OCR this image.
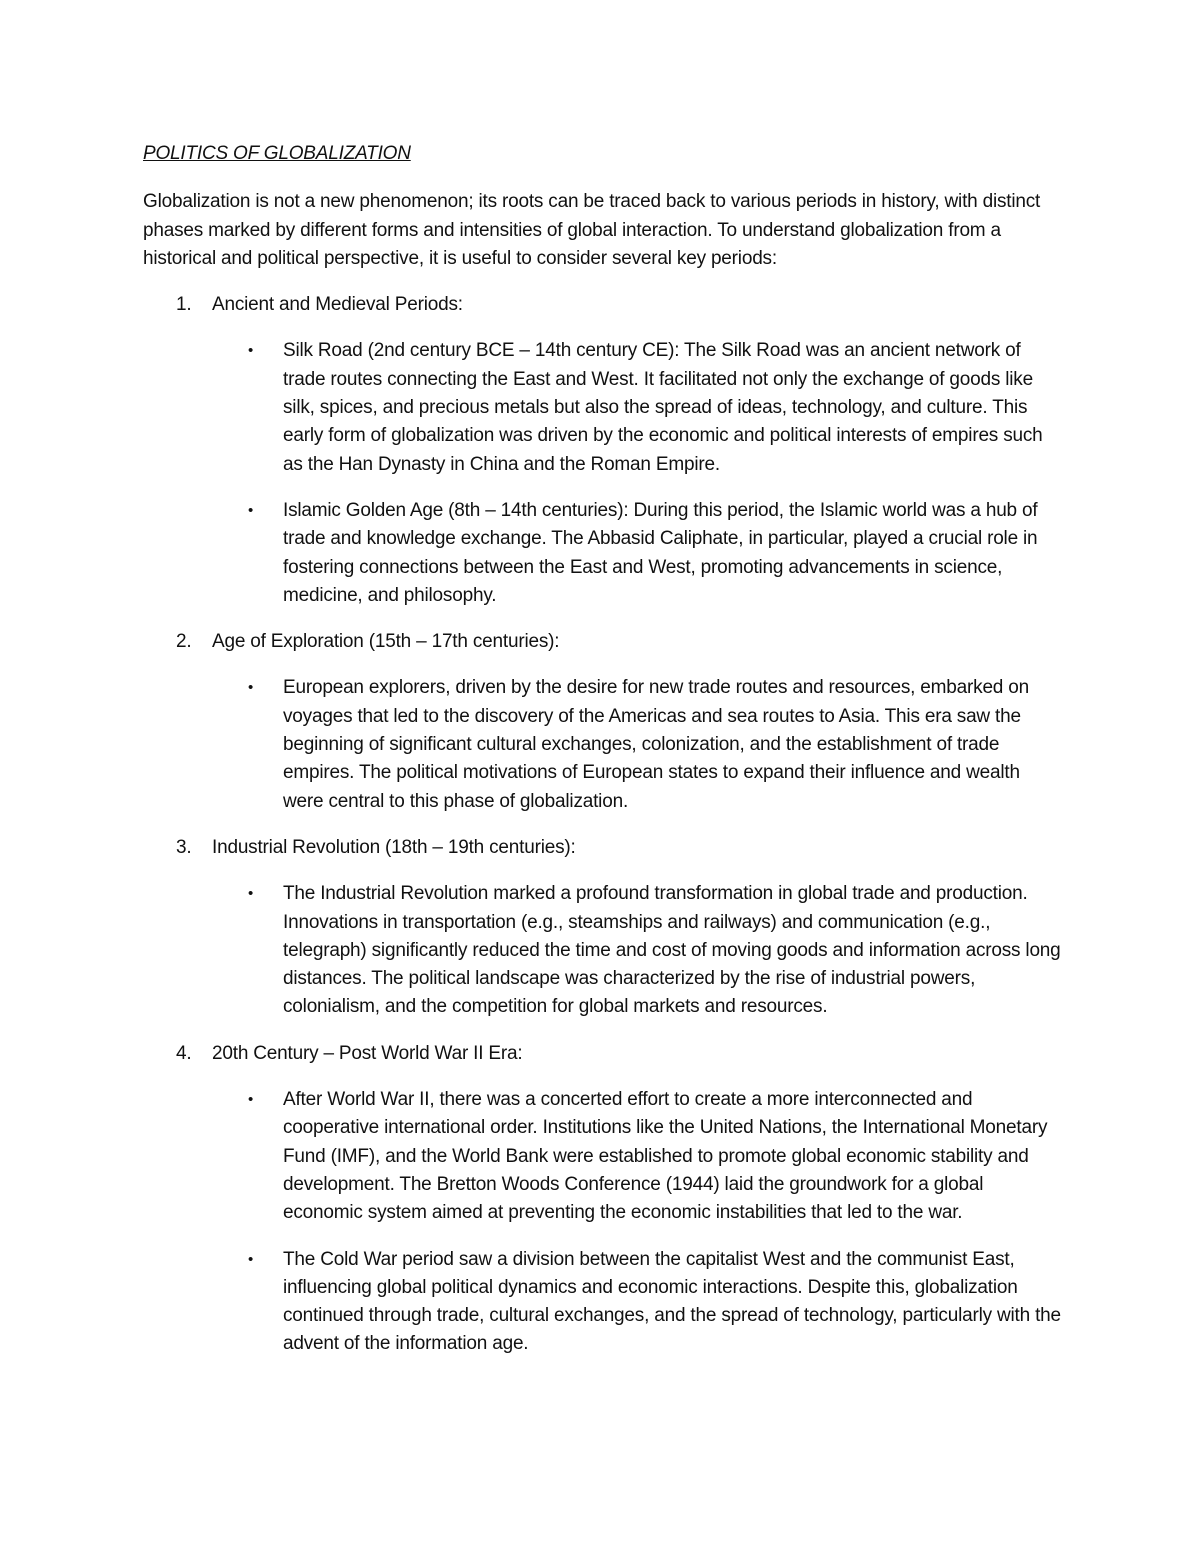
POLITICS OF GLOBALIZATION

Globalization is not a new phenomenon; its roots can be traced back to various periods in history, with distinct phases marked by different forms and intensities of global interaction. To understand globalization from a historical and political perspective, it is useful to consider several key periods:

1. Ancient and Medieval Periods:
• Silk Road (2nd century BCE – 14th century CE): The Silk Road was an ancient network of trade routes connecting the East and West. It facilitated not only the exchange of goods like silk, spices, and precious metals but also the spread of ideas, technology, and culture. This early form of globalization was driven by the economic and political interests of empires such as the Han Dynasty in China and the Roman Empire.
• Islamic Golden Age (8th – 14th centuries): During this period, the Islamic world was a hub of trade and knowledge exchange. The Abbasid Caliphate, in particular, played a crucial role in fostering connections between the East and West, promoting advancements in science, medicine, and philosophy.
2. Age of Exploration (15th – 17th centuries):
• European explorers, driven by the desire for new trade routes and resources, embarked on voyages that led to the discovery of the Americas and sea routes to Asia. This era saw the beginning of significant cultural exchanges, colonization, and the establishment of trade empires. The political motivations of European states to expand their influence and wealth were central to this phase of globalization.
3. Industrial Revolution (18th – 19th centuries):
• The Industrial Revolution marked a profound transformation in global trade and production. Innovations in transportation (e.g., steamships and railways) and communication (e.g., telegraph) significantly reduced the time and cost of moving goods and information across long distances. The political landscape was characterized by the rise of industrial powers, colonialism, and the competition for global markets and resources.
4. 20th Century – Post World War II Era:
• After World War II, there was a concerted effort to create a more interconnected and cooperative international order. Institutions like the United Nations, the International Monetary Fund (IMF), and the World Bank were established to promote global economic stability and development. The Bretton Woods Conference (1944) laid the groundwork for a global economic system aimed at preventing the economic instabilities that led to the war.
• The Cold War period saw a division between the capitalist West and the communist East, influencing global political dynamics and economic interactions. Despite this, globalization continued through trade, cultural exchanges, and the spread of technology, particularly with the advent of the information age.
